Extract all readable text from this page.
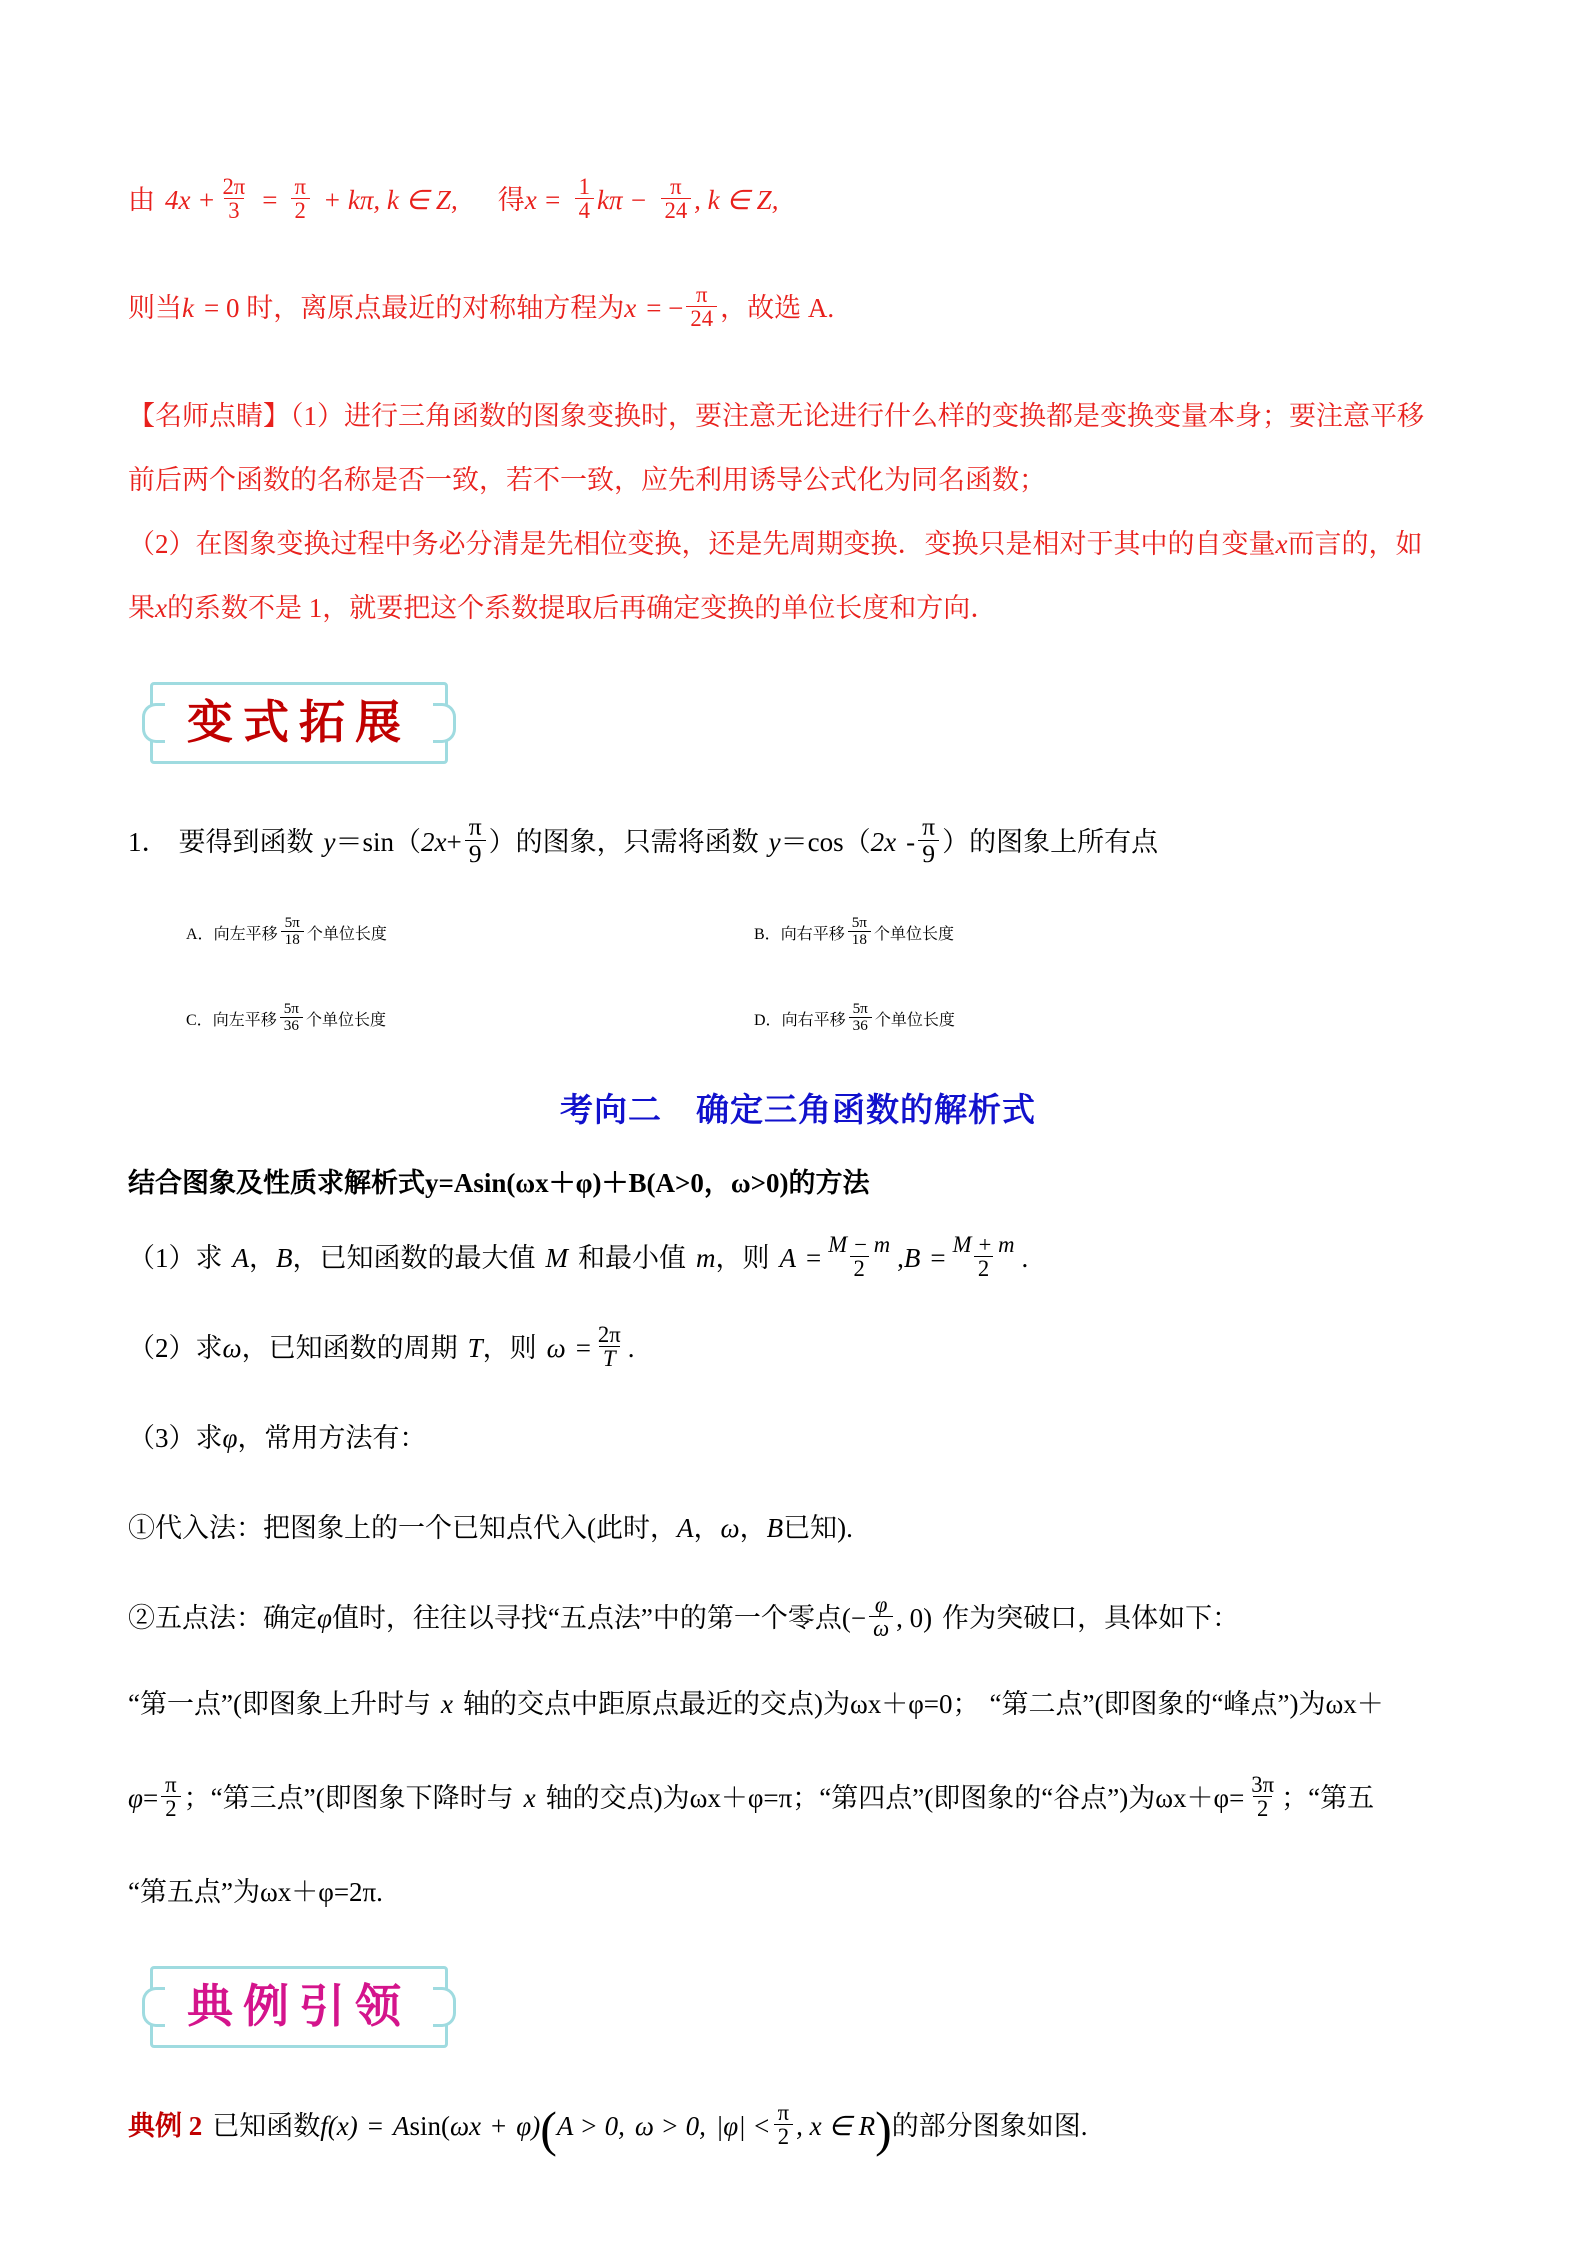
由 $4x + \frac{2\pi}{3} = \frac{\pi}{2} + k\pi$, k ∈ Z, 得 $x = \frac{1}{4}$ $k\pi - \frac{\pi}{24}$ , k ∈ Z,
则当 k = 0 时，离原点最近的对称轴方程为 x = − $\frac{\pi}{24}$ ，故选 A.
【名师点睛】（1）进行三角函数的图象变换时，要注意无论进行什么样的变换都是变换变量本身；要注意平移前后两个函数的名称是否一致，若不一致，应先利用诱导公式化为同名函数；
（2）在图象变换过程中务必分清是先相位变换，还是先周期变换．变换只是相对于其中的自变量x而言的，如果x的系数不是 1，就要把这个系数提取后再确定变换的单位长度和方向．
变式拓展
1． 要得到函数 y ＝sin （ $2x + \frac{\pi}{9}$ ） 的图象，只需将函数 y ＝cos （ $2x - \frac{\pi}{9}$ ） 的图象上所有点
A． 向左平移 $\frac{5\pi}{18}$ 个单位长度	B． 向右平移 $\frac{5\pi}{18}$ 个单位长度
C． 向左平移 $\frac{5\pi}{36}$ 个单位长度	D． 向右平移 $\frac{5\pi}{36}$ 个单位长度
考向二 确定三角函数的解析式
结合图象及性质求解析式y=Asin(ωx＋φ)＋B(A>0，ω>0)的方法
（1） 求 A ， B ，已知函数的最大值 M 和最小值 m ，则 $A = \frac{M - m}{2}$ , $B = \frac{M + m}{2}$ .
（2） 求 ω ，已知函数的周期 T ，则 $\omega = \frac{2\pi}{T}$ .
（3） 求 φ ，常用方法有：
①代入法： 把图象上的一个已知点代入(此时， A ， ω ， B 已知).
②五点法： 确定 φ 值时，往往以寻找“五点法”中的第一个零点 (− $\frac{\varphi}{\omega}$ , 0) 作为突破口，具体如下：
“第一点”(即图象上升时与 x 轴的交点中距原点最近的交点)为ωx＋φ=0； “第二点”(即图象的“峰点”)为ωx＋
$\varphi = \frac{\pi}{2}$ ； “第三点”(即图象下降时与 x 轴的交点)为ωx＋φ=π； “第四点”(即图象的“谷点”)为$\omega x+\varphi= \frac{3\pi}{2}$ ； “第五
“第五点”为ωx＋φ=2π.
典例引领
典例 2 已知函数 f (x) = A sin( ωx + φ) ( A > 0, ω > 0, $|\varphi| < \frac{\pi}{2}$ , x ∈ R ) 的部分图象如图.
